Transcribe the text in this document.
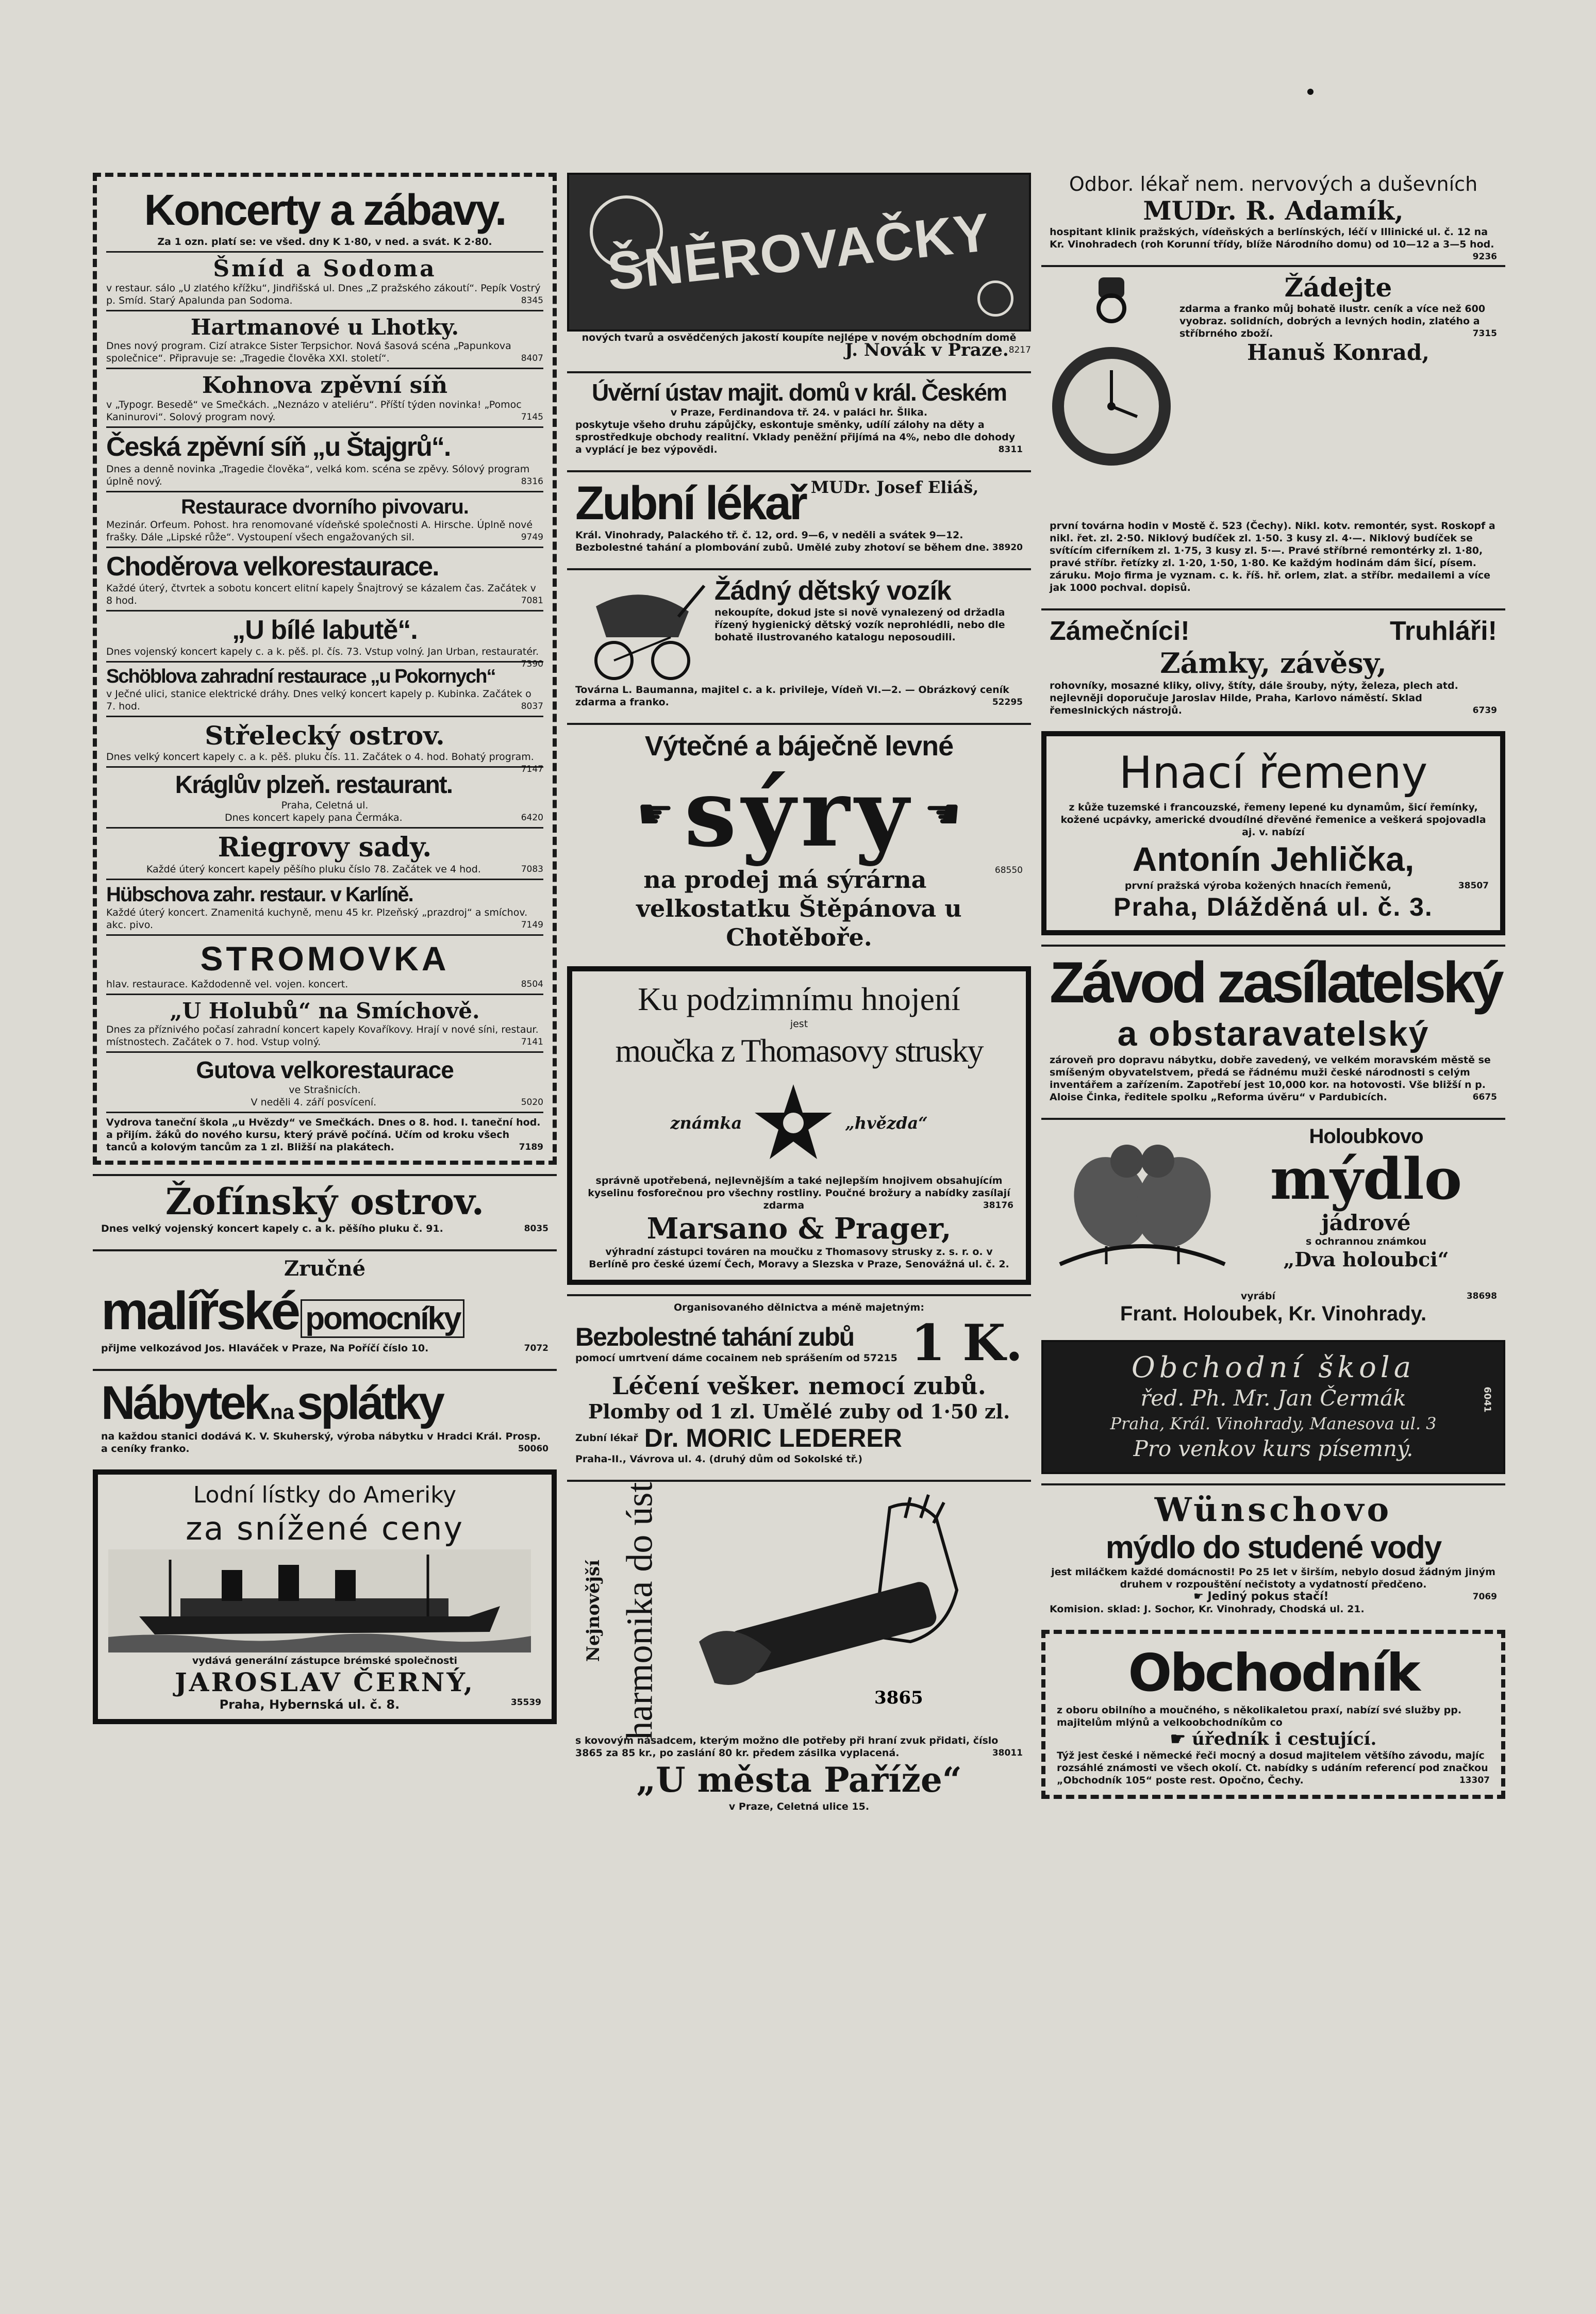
Koncerty a zábavy.
Za 1 ozn. platí se: ve všed. dny K 1·80, v ned. a svát. K 2·80.
Šmíd a Sodoma
v restaur. sálo „U zlatého křížku“, Jindřišská ul. Dnes „Z pražského zákoutí“. Pepík Vostrý p. Smíd. Starý Apalunda pan Sodoma.	8345
Hartmanové u Lhotky.
Dnes nový program. Cizí atrakce Sister Terpsichor. Nová šasová scéna „Papunkova společnice“. Připravuje se: „Tragedie člověka XXI. století“.	8407
Kohnova zpěvní síň
v „Typogr. Besedě“ ve Smečkách. „Neznázo v ateliéru“. Příští týden novinka! „Pomoc Kaninurovi“. Solový program nový.	7145
Česká zpěvní síň „u Štajgrů“.
Dnes a denně novinka „Tragedie člověka“, velká kom. scéna se zpěvy. Sólový program úplně nový.	8316
Restaurace dvorního pivovaru.
Mezinár. Orfeum. Pohost. hra renomované vídeňské společnosti A. Hirsche. Úplně nové frašky. Dále „Lipské růže“. Vystoupení všech engažovaných sil.	9749
Choděrova velkorestaurace.
Každé úterý, čtvrtek a sobotu koncert elitní kapely Šnajtrový se kázalem čas. Začátek v 8 hod.	7081
„U bílé labutě“.
Dnes vojenský koncert kapely c. a k. pěš. pl. čís. 73. Vstup volný. Jan Urban, restauratér.
7390
Schöblova zahradní restaurace „u Pokornych“
v Ječné ulici, stanice elektrické dráhy. Dnes velký koncert kapely p. Kubinka. Začátek o 7. hod.	8037
Střelecký ostrov.
Dnes velký koncert kapely c. a k. pěš. pluku čís. 11. Začátek o 4. hod. Bohatý program.
7147
Kráglův plzeň. restaurant.
Praha, Celetná ul.
Dnes koncert kapely pana Čermáka.	6420
Riegrovy sady.
Každé úterý koncert kapely pěšího pluku číslo 78. Začátek ve 4 hod.	7083
Hübschova zahr. restaur. v Karlíně.
Každé úterý koncert. Znamenitá kuchyně, menu 45 kr. Plzeňský „prazdroj“ a smíchov. akc. pivo.	7149
STROMOVKA
hlav. restaurace. Každodenně vel. vojen. koncert.	8504
„U Holubů“ na Smíchově.
Dnes za příznivého počasí zahradní koncert kapely Kovaříkovy. Hrají v nové síni, restaur. místnostech. Začátek o 7. hod. Vstup volný.	7141
Gutova velkorestaurace
ve Strašnicích.
V neděli 4. září posvícení.	5020
Vydrova taneční škola „u Hvězdy“ ve Smečkách. Dnes o 8. hod. I. taneční hod. a přijím. žáků do nového kursu, který právě počíná. Učím od kroku všech tanců a kolovým tancům za 1 zl. Bližší na plakátech.	7189
Žofínský ostrov.
Dnes velký vojenský koncert kapely c. a k. pěšího pluku č. 91.	8035
Zručné
malířské pomocníky
přijme velkozávod Jos. Hlaváček v Praze, Na Poříčí číslo 10.	7072
Nábytek na splátky
na každou stanici dodává K. V. Skuherský, výroba nábytku v Hradci Král. Prosp. a ceníky franko.	50060
Lodní lístky do Ameriky
za snížené ceny
vydává generální zástupce brémské společnosti
JAROSLAV ČERNÝ,
Praha, Hybernská ul. č. 8.	35539
ŠNĚROVAČKY
nových tvarů a osvědčených jakostí koupíte nejlépe v novém obchodním domě
J. Novák v Praze. 8217
Úvěrní ústav majit. domů v král. Českém
v Praze, Ferdinandova tř. 24. v paláci hr. Šlika.
poskytuje všeho druhu zápůjčky, eskontuje směnky, udílí zálohy na děty a sprostředkuje obchody realitní. Vklady peněžní přijímá na 4%, nebo dle dohody a vyplácí je bez výpovědi.	8311
Zubní lékař MUDr. Josef Eliáš,
Král. Vinohrady, Palackého tř. č. 12, ord. 9—6, v neděli a svátek 9—12. Bezbolestné tahání a plombování zubů. Umělé zuby zhotoví se během dne. 38920
Žádný dětský vozík
nekoupíte, dokud jste si nově vynalezený od držadla řízený hygienický dětský vozík neprohlédli, nebo dle bohatě ilustrovaného katalogu neposoudili.
Továrna L. Baumanna, majitel c. a k. privileje, Vídeň VI.—2. — Obrázkový ceník zdarma a franko.	52295
Výtečné a báječně levné
☛ sýry ☚
68550
na prodej má sýrárna velkostatku Štěpánova u Chotěboře.
Ku podzimnímu hnojení
jest
moučka z Thomasovy strusky
známka	„hvězda“
správně upotřebená, nejlevnějším a také nejlepším hnojivem obsahujícím kyselinu fosforečnou pro všechny rostliny. Poučné brožury a nabídky zasílají zdarma	38176
Marsano & Prager,
výhradní zástupci továren na moučku z Thomasovy strusky z. s. r. o. v Berlíně pro české území Čech, Moravy a Slezska v Praze, Senovážná ul. č. 2.
Organisovaného dělnictva a méně majetným:
Bezbolestné tahání zubů
pomocí umrtvení dáme cocainem neb sprášením od 57215 1 K.
Léčení vešker. nemocí zubů.
Plomby od 1 zl. Umělé zuby od 1·50 zl.
Zubní lékař Dr. MORIC LEDERER
Praha-II., Vávrova ul. 4. (druhý dům od Sokolské tř.)
Nejnovější harmonika do úst	3865
s kovovým násadcem, kterým možno dle potřeby při hraní zvuk přidati, číslo 3865 za 85 kr., po zaslání 80 kr. předem zásilka vyplacená.	38011
„U města Paříže“
v Praze, Celetná ulice 15.
Odbor. lékař nem. nervových a duševních
MUDr. R. Adamík,
hospitant klinik pražských, vídeňských a berlínských, léčí v Illinické ul. č. 12 na Kr. Vinohradech (roh Korunní třídy, blíže Národního domu) od 10—12 a 3—5 hod.
9236
Žádejte
zdarma a franko můj bohatě ilustr. ceník a více než 600 vyobraz. solidních, dobrých a levných hodin, zlatého a stříbrného zboží.	7315
Hanuš Konrad,
první továrna hodin v Mostě č. 523 (Čechy). Nikl. kotv. remontér, syst. Roskopf a nikl. řet. zl. 2·50. Niklový budíček zl. 1·50. 3 kusy zl. 4·—. Niklový budíček se svítícím ciferníkem zl. 1·75, 3 kusy zl. 5·—. Pravé stříbrné remontérky zl. 1·80, pravé stříbr. řetízky zl. 1·20, 1·50, 1·80. Ke každým hodinám dám šicí, písem. záruku. Mojo firma je vyznam. c. k. říš. hř. orlem, zlat. a stříbr. medailemi a více jak 1000 pochval. dopisů.
Zámečníci!	Truhláři!
Zámky, závěsy,
rohovníky, mosazné kliky, olivy, štíty, dále šrouby, nýty, železa, plech atd. nejlevněji doporučuje Jaroslav Hilde, Praha, Karlovo náměstí. Sklad řemeslnických nástrojů.	6739
Hnací řemeny
z kůže tuzemské i francouzské, řemeny lepené ku dynamům, šicí řemínky, kožené ucpávky, americké dvoudílné dřevěné řemenice a veškerá spojovadla aj. v. nabízí
Antonín Jehlička,
první pražská výroba kožených hnacích řemenů,	38507
Praha, Dlážděná ul. č. 3.
Závod zasílatelský
a obstaravatelský
zároveň pro dopravu nábytku, dobře zavedený, ve velkém moravském městě se smíšeným obyvatelstvem, předá se řádnému muži české národnosti s celým inventářem a zařízením. Zapotřebí jest 10,000 kor. na hotovosti. Vše bližší n p. Aloise Činka, ředitele spolku „Reforma úvěru“ v Pardubicích.	6675
Holoubkovo
mýdlo
jádrové
s ochrannou známkou
„Dva holoubci“
vyrábí	38698
Frant. Holoubek, Kr. Vinohrady.
Obchodní škola
řed. Ph. Mr. Jan Čermák
Praha, Král. Vinohrady, Manesova ul. 3
Pro venkov kurs písemný.
6041
Wünschovo
mýdlo do studené vody
jest miláčkem každé domácnosti! Po 25 let v širším, nebylo dosud žádným jiným druhem v rozpouštění nečistoty a vydatností předčeno.
☛ Jediný pokus stačí!	7069
Komision. sklad: J. Sochor, Kr. Vinohrady, Chodská ul. 21.
Obchodník
z oboru obilního a moučného, s několikaletou praxí, nabízí své služby pp. majitelům mlýnů a velkoobchodníkům co
☛ úředník i cestující.
Týž jest české i německé řeči mocný a dosud majitelem většího závodu, majíc rozsáhlé známosti ve všech okolí. Ct. nabídky s udáním referencí pod značkou „Obchodník 105“ poste rest. Opočno, Čechy.	13307
